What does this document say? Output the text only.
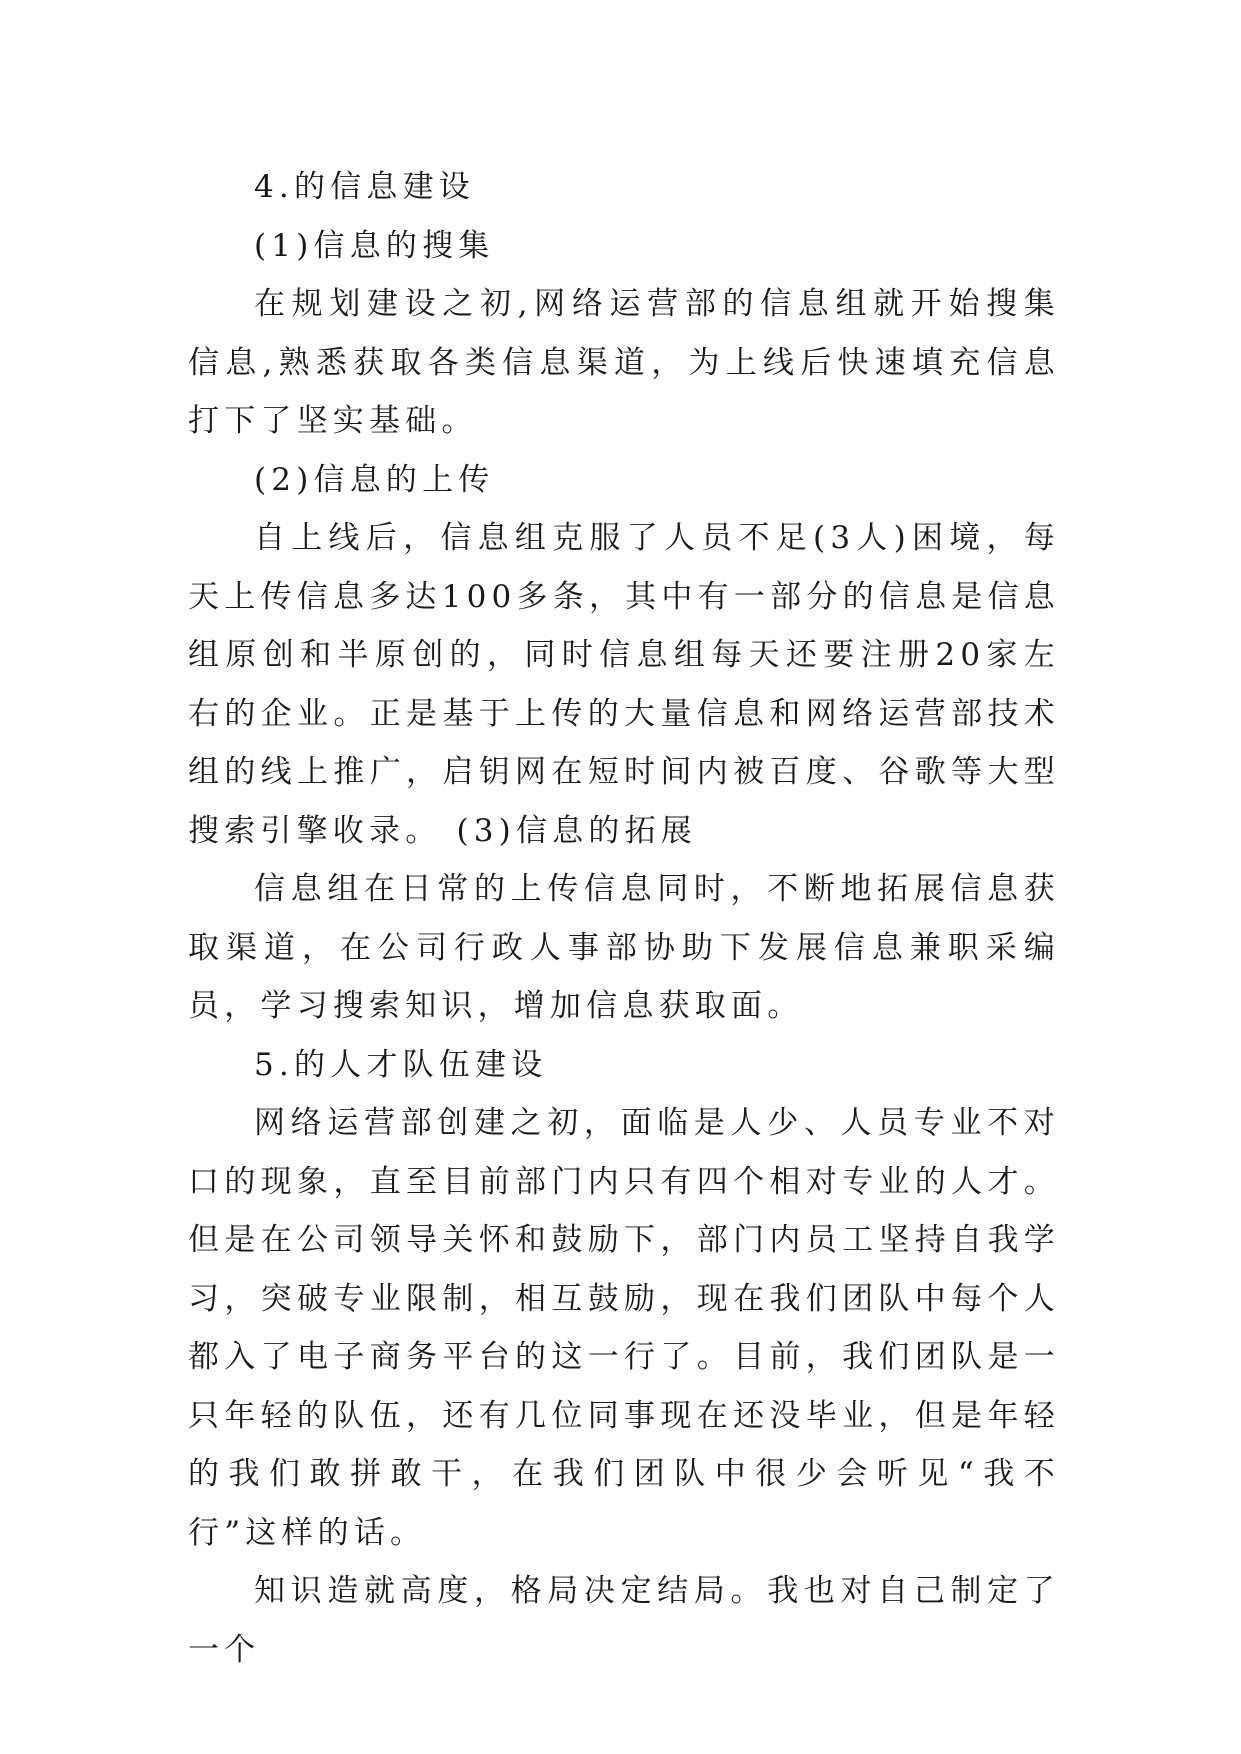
4.的信息建设

(1)信息的搜集

在规划建设之初,网络运营部的信息组就开始搜集信息,熟悉获取各类信息渠道，为上线后快速填充信息打下了坚实基础。

(2)信息的上传

自上线后，信息组克服了人员不足(3人)困境，每天上传信息多达100多条，其中有一部分的信息是信息组原创和半原创的，同时信息组每天还要注册20家左右的企业。正是基于上传的大量信息和网络运营部技术组的线上推广，启钥网在短时间内被百度、谷歌等大型搜索引擎收录。 (3)信息的拓展

信息组在日常的上传信息同时，不断地拓展信息获取渠道，在公司行政人事部协助下发展信息兼职采编员，学习搜索知识，增加信息获取面。

5.的人才队伍建设

网络运营部创建之初，面临是人少、人员专业不对口的现象，直至目前部门内只有四个相对专业的人才。但是在公司领导关怀和鼓励下，部门内员工坚持自我学习，突破专业限制，相互鼓励，现在我们团队中每个人都入了电子商务平台的这一行了。目前，我们团队是一只年轻的队伍，还有几位同事现在还没毕业，但是年轻的我们敢拼敢干，在我们团队中很少会听见“我不行”这样的话。

知识造就高度，格局决定结局。我也对自己制定了一个
